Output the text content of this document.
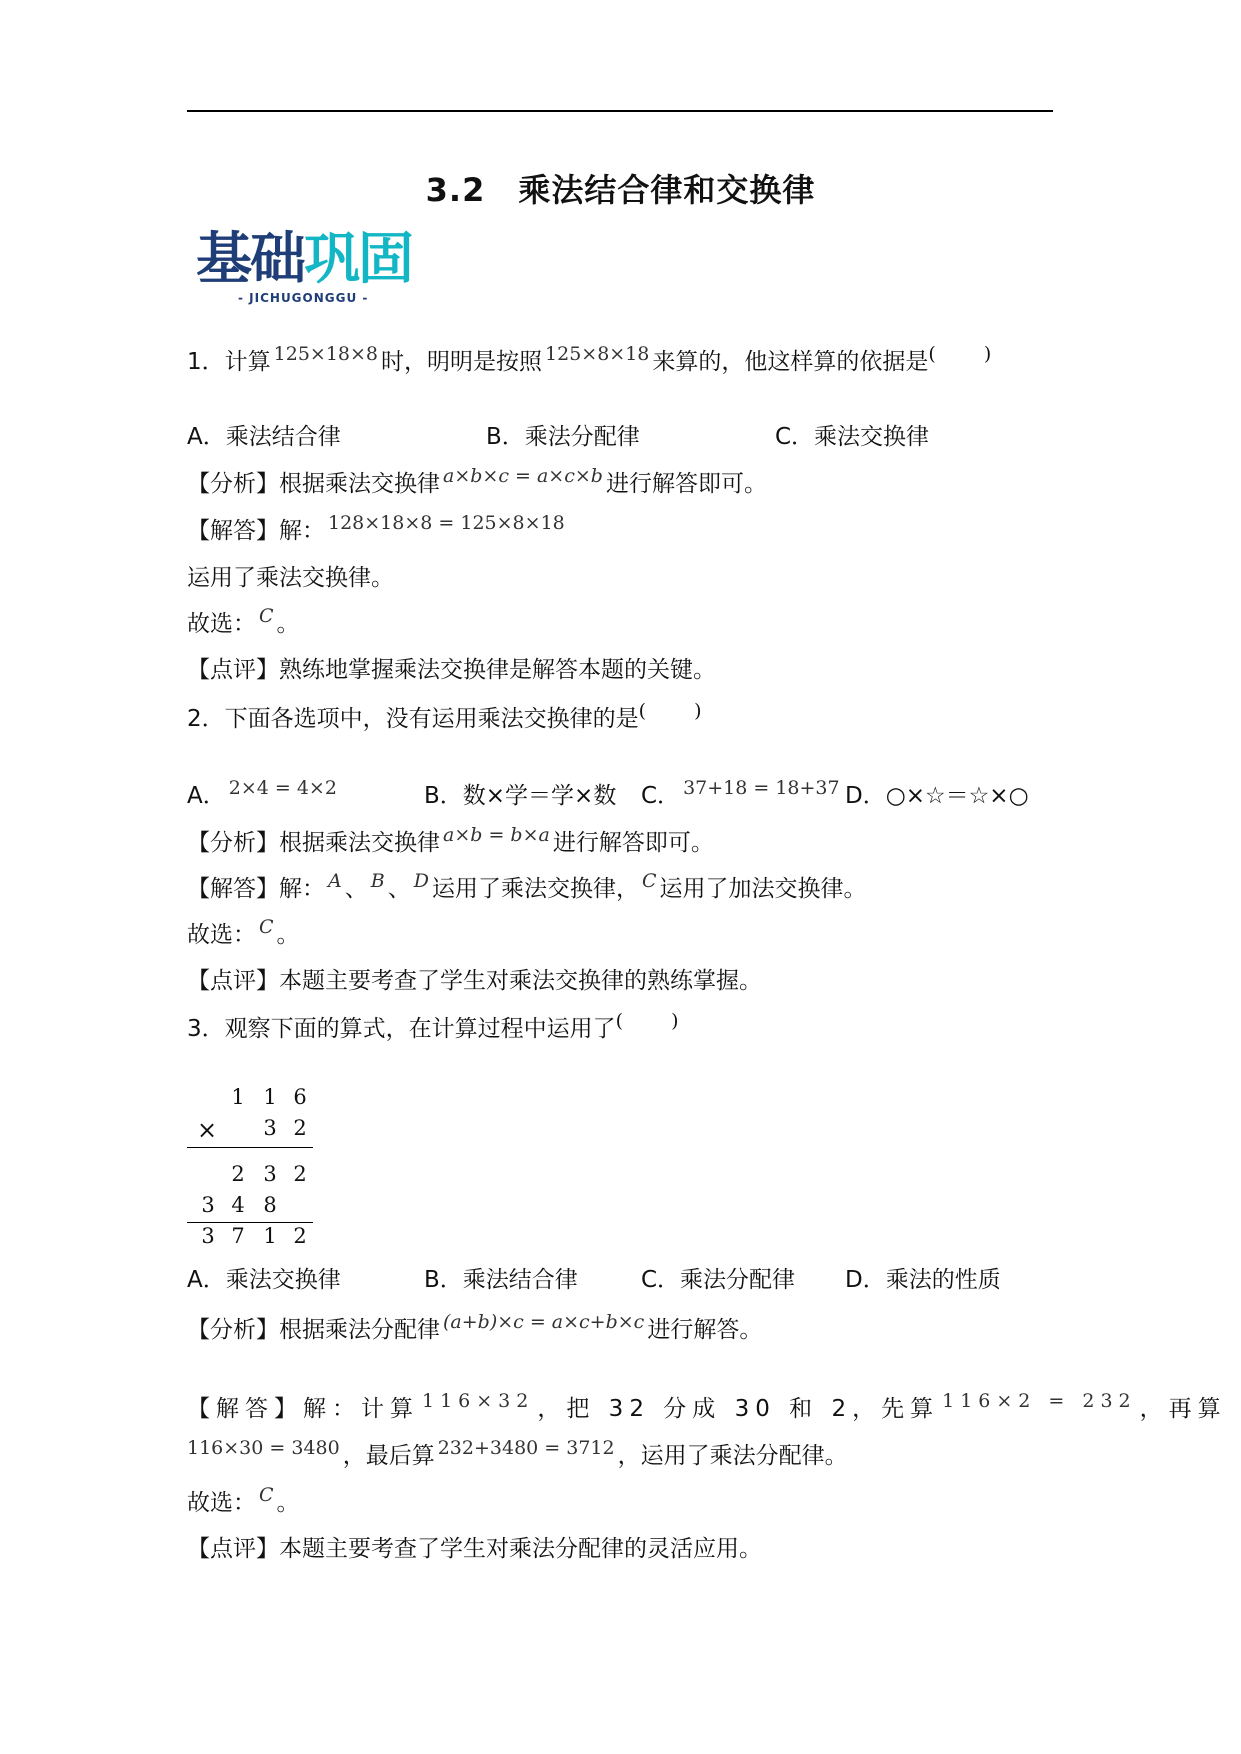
3.2　乘法结合律和交换律
基础巩固
- JICHUGONGGU -
1．计算 $^{125\times 18\times 8}$ 时，明明是按照 $^{125\times 8\times 18}$ 来算的，他这样算的依据是(	)
A．乘法结合律	B．乘法分配律	C．乘法交换律
【分析】根据乘法交换律 $^{a\times b\times c = a\times c\times b}$ 进行解答即可。
【解答】解： $^{128\times 18\times 8 = 125\times 8\times 18}$
运用了乘法交换律。
故选： $^C$ 。
【点评】熟练地掌握乘法交换律是解答本题的关键。
2．下面各选项中，没有运用乘法交换律的是(	)
A． $^{2\times 4 = 4\times 2}$	B．数×学＝学×数 C． $^{37+18 = 18+37}$ D．○×☆＝☆×○
【分析】根据乘法交换律 $^{a\times b = b\times a}$ 进行解答即可。
【解答】解： $^A$ 、 $^B$ 、 $^D$ 运用了乘法交换律， $^C$ 运用了加法交换律。
故选： $^C$ 。
【点评】本题主要考查了学生对乘法交换律的熟练掌握。
3．观察下面的算式，在计算过程中运用了(	)
1 1 6
× 3 2
2 3 2
3 4 8
3 7 1 2
A．乘法交换律	B．乘法结合律	C．乘法分配律 D．乘法的性质
【分析】根据乘法分配律 $^{(a+b)\times c = a\times c+b\times c}$ 进行解答。
【解答】解：计算 $^{116\times 32}$ ，把 32 分成 30 和 2，先算 $^{116\times 2 = 232}$ ，再算
$^{116\times 30 = 3480}$ ，最后算 $^{232+3480 = 3712}$ ，运用了乘法分配律。
故选： $^C$ 。
【点评】本题主要考查了学生对乘法分配律的灵活应用。
